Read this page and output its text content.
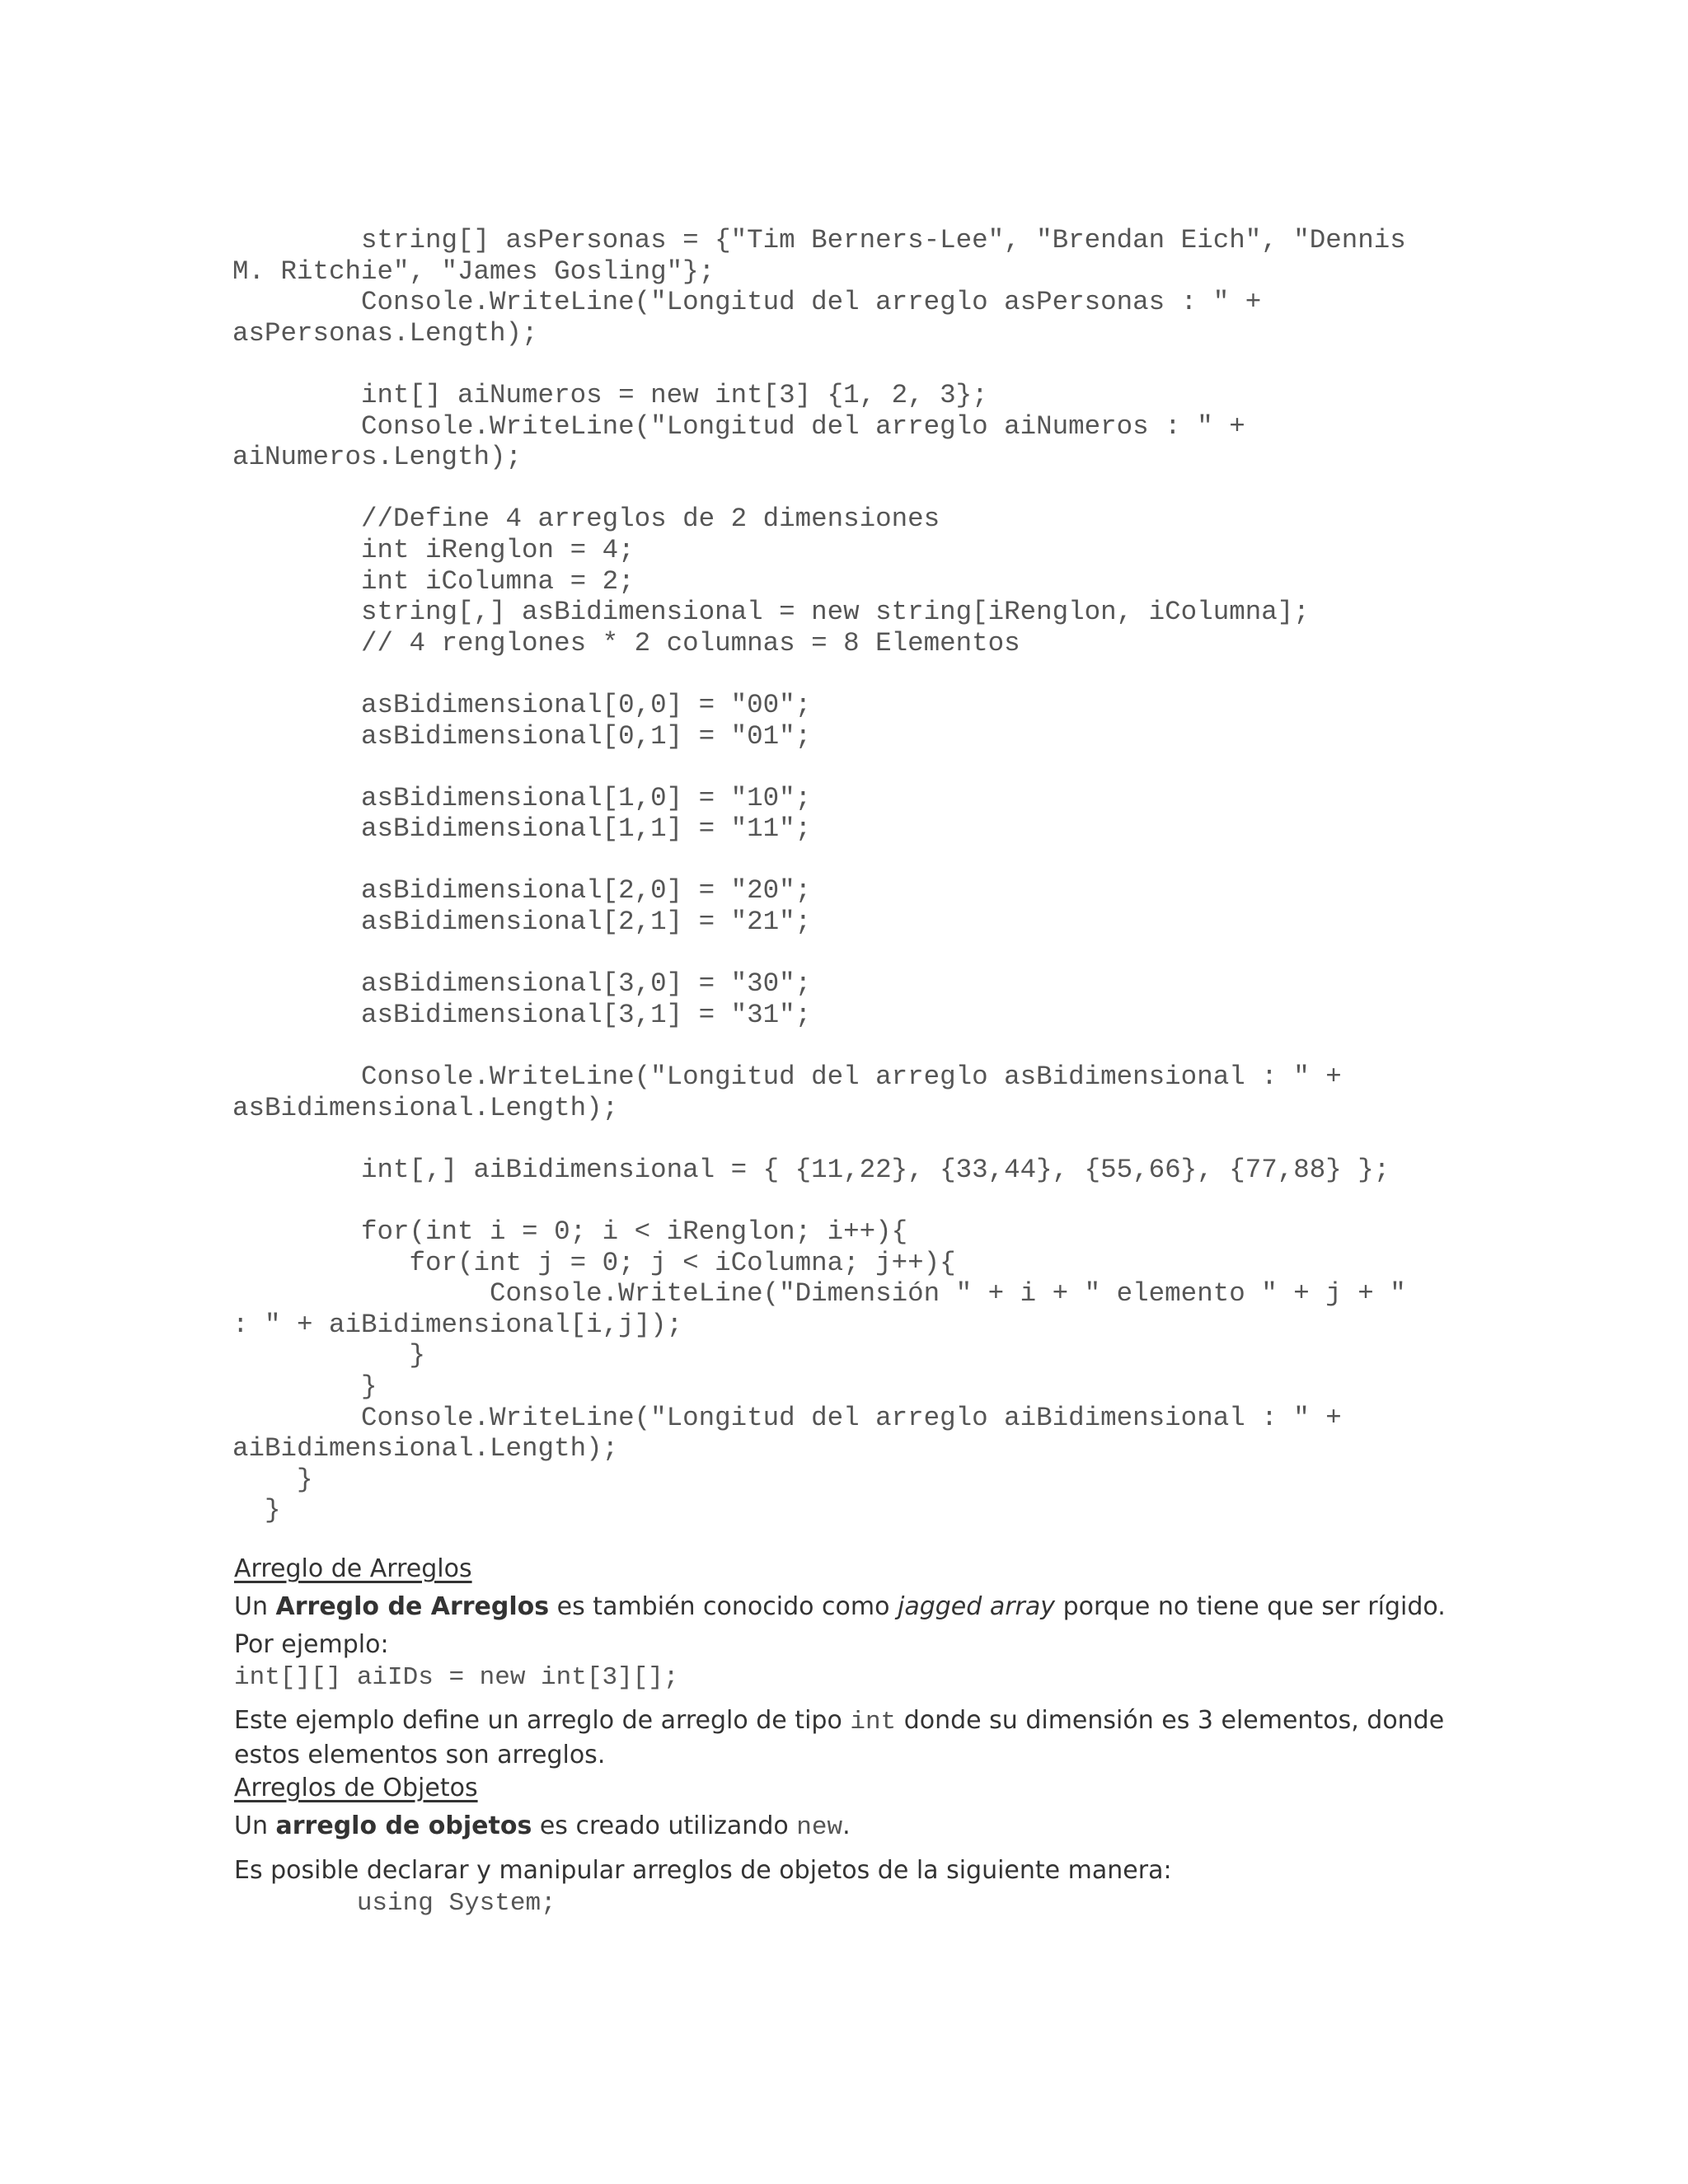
string[] asPersonas = {"Tim Berners-Lee", "Brendan Eich", "Dennis
M. Ritchie", "James Gosling"};
Console.WriteLine("Longitud del arreglo asPersonas : " +
asPersonas.Length);
int[] aiNumeros = new int[3] {1, 2, 3};
Console.WriteLine("Longitud del arreglo aiNumeros : " +
aiNumeros.Length);
//Define 4 arreglos de 2 dimensiones
int iRenglon = 4;
int iColumna = 2;
string[,] asBidimensional = new string[iRenglon, iColumna];
// 4 renglones * 2 columnas = 8 Elementos
asBidimensional[0,0] = "00";
asBidimensional[0,1] = "01";
asBidimensional[1,0] = "10";
asBidimensional[1,1] = "11";
asBidimensional[2,0] = "20";
asBidimensional[2,1] = "21";
asBidimensional[3,0] = "30";
asBidimensional[3,1] = "31";
Console.WriteLine("Longitud del arreglo asBidimensional : " +
asBidimensional.Length);
int[,] aiBidimensional = { {11,22}, {33,44}, {55,66}, {77,88} };
for(int i = 0; i < iRenglon; i++){
for(int j = 0; j < iColumna; j++){
Console.WriteLine("Dimensión " + i + " elemento " + j + "
: " + aiBidimensional[i,j]);
}
}
Console.WriteLine("Longitud del arreglo aiBidimensional : " +
aiBidimensional.Length);
}
}
Arreglo de Arreglos
Un Arreglo de Arreglos es también conocido como jagged array porque no tiene que ser rígido.
Por ejemplo:
int[][] aiIDs = new int[3][];
Este ejemplo define un arreglo de arreglo de tipo int donde su dimensión es 3 elementos, donde estos elementos son arreglos.
Arreglos de Objetos
Un arreglo de objetos es creado utilizando new.
Es posible declarar y manipular arreglos de objetos de la siguiente manera:
using System;
